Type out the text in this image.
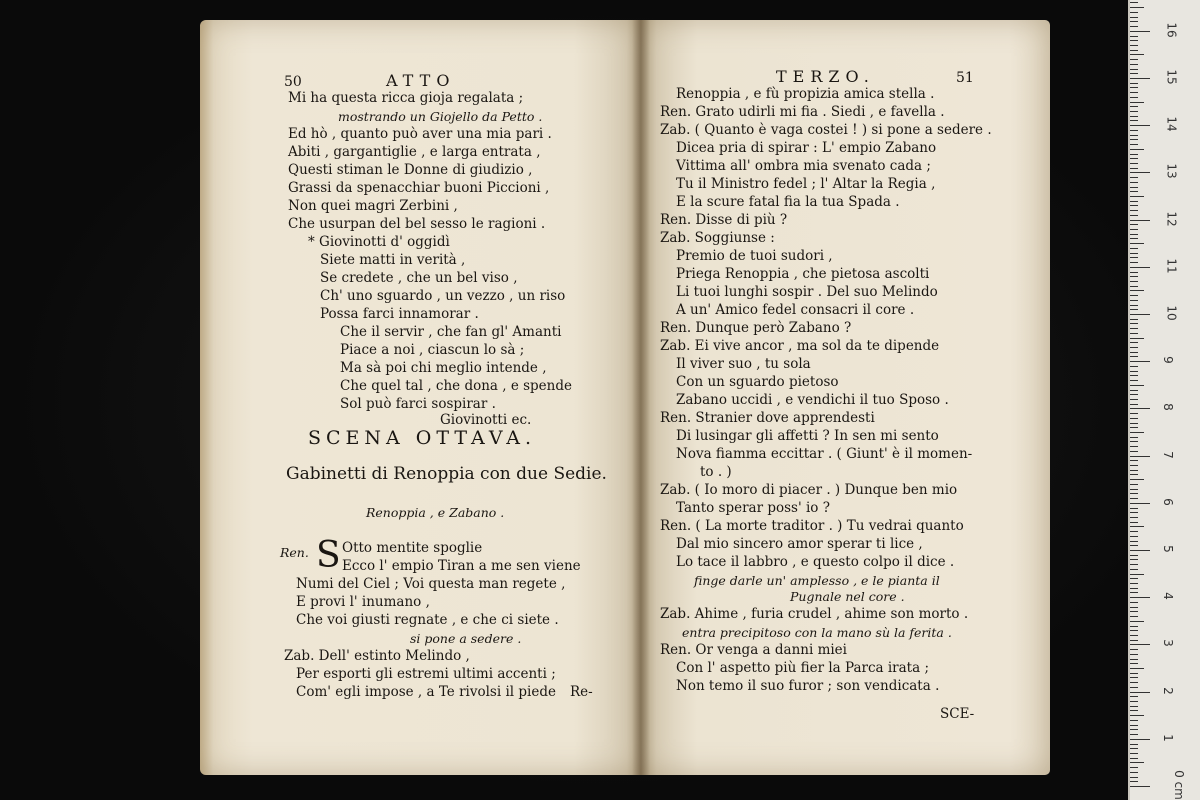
50	ATTO
Mi ha questa ricca gioja regalata ;
mostrando un Giojello da Petto .
Ed hò , quanto può aver una mia pari .
Abiti , gargantiglie , e larga entrata ,
Questi stiman le Donne di giudizio ,
Grassi da spenacchiar buoni Piccioni ,
Non quei magri Zerbini ,
Che usurpan del bel sesso le ragioni .
* Giovinotti d' oggidì
Siete matti in verità ,
Se credete , che un bel viso ,
Ch' uno sguardo , un vezzo , un riso
Possa farci innamorar .
Che il servir , che fan gl' Amanti
Piace a noi , ciascun lo sà ;
Ma sà poi chi meglio intende ,
Che quel tal , che dona , e spende
Sol può farci sospirar .
Giovinotti ec.
SCENA OTTAVA.
Gabinetti di Renoppia con due Sedie.
Renoppia , e Zabano .
Ren. S Otto mentite spoglie
Ecco l' empio Tiran a me sen viene
Numi del Ciel ; Voi questa man regete ,
E provi l' inumano ,
Che voi giusti regnate , e che ci siete .
si pone a sedere .
Zab. Dell' estinto Melindo ,
Per esporti gli estremi ultimi accenti ;
Com' egli impose , a Te rivolsi il piede Re-
TERZO.	51
Renoppia , e fù propizia amica stella .
Ren. Grato udirli mi fia . Siedi , e favella .
Zab. ( Quanto è vaga costei ! ) si pone a sedere .
Dicea pria di spirar : L' empio Zabano
Vittima all' ombra mia svenato cada ;
Tu il Ministro fedel ; l' Altar la Regia ,
E la scure fatal fia la tua Spada .
Ren. Disse di più ?
Zab. Soggiunse :
Premio de tuoi sudori ,
Priega Renoppia , che pietosa ascolti
Li tuoi lunghi sospir . Del suo Melindo
A un' Amico fedel consacri il core .
Ren. Dunque però Zabano ?
Zab. Ei vive ancor , ma sol da te dipende
Il viver suo , tu sola
Con un sguardo pietoso
Zabano uccidi , e vendichi il tuo Sposo .
Ren. Stranier dove apprendesti
Di lusingar gli affetti ? In sen mi sento
Nova fiamma eccittar . ( Giunt' è il momen-
to . )
Zab. ( Io moro di piacer . ) Dunque ben mio
Tanto sperar poss' io ?
Ren. ( La morte traditor . ) Tu vedrai quanto
Dal mio sincero amor sperar ti lice ,
Lo tace il labbro , e questo colpo il dice .
finge darle un' amplesso , e le pianta il
Pugnale nel core .
Zab. Ahime , furia crudel , ahime son morto .
entra precipitoso con la mano sù la ferita .
Ren. Or venga a danni miei
Con l' aspetto più fier la Parca irata ;
Non temo il suo furor ; son vendicata .
SCE-
0 cm
1
2
3
4
5
6
7
8
9
10
11
12
13
14
15
16
